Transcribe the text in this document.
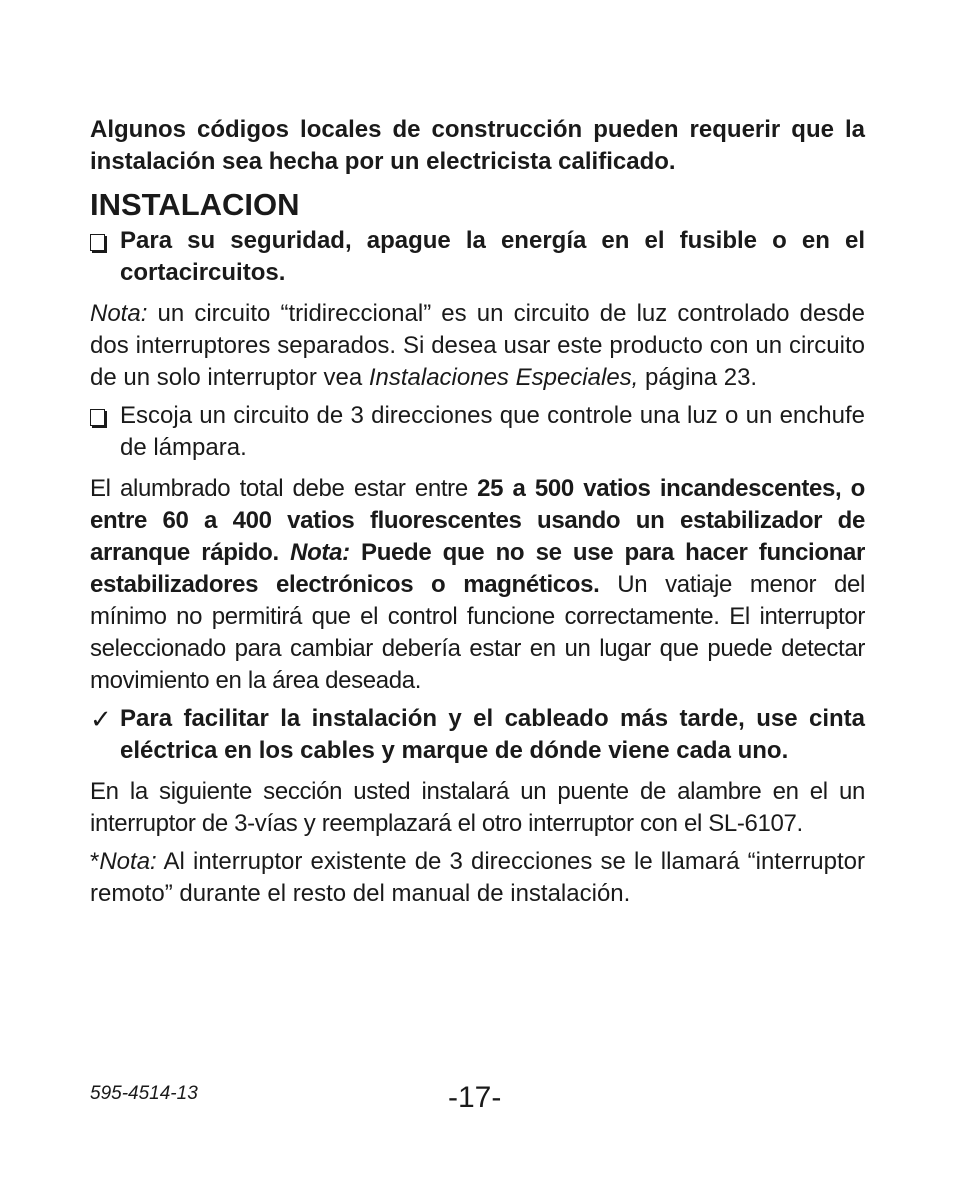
Algunos códigos locales de construcción pueden requerir que la instalación sea hecha por un electricista calificado.

INSTALACION

Para su seguridad, apague la energía en el fusible o en el cortacircuitos.

Nota: un circuito “tridireccional” es un circuito de luz controlado desde dos interruptores separados. Si desea usar este producto con un circuito de un solo interruptor vea Instalaciones Especiales, página 23.

Escoja un circuito de 3 direcciones que controle una luz o un enchufe de lámpara.

El alumbrado total debe estar entre 25 a 500 vatios incandescentes, o entre 60 a 400 vatios fluorescentes usando un estabilizador de arranque rápido. Nota: Puede que no se use para hacer funcionar estabilizadores electrónicos o magnéticos. Un vatiaje menor del mínimo no permitirá que el control funcione correctamente. El interruptor seleccionado para cambiar debería estar en un lugar que puede detectar movimiento en la área deseada.

✓ Para facilitar la instalación y el cableado más tarde, use cinta eléctrica en los cables y marque de dónde viene cada uno.

En la siguiente sección usted instalará un puente de alambre en el un interruptor de 3-vías y reemplazará el otro interruptor con el SL-6107.

*Nota: Al interruptor existente de 3 direcciones se le llamará “interruptor remoto” durante el resto del manual de instalación.

595-4514-13	-17-
